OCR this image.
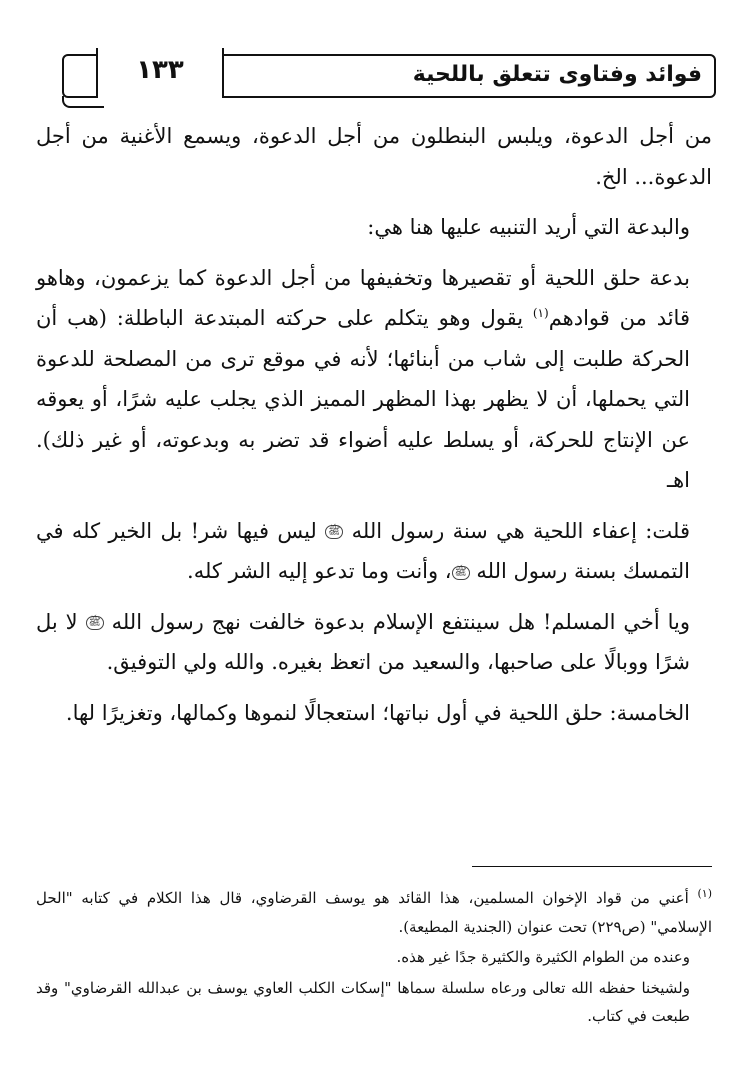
فوائد وفتاوى تتعلق باللحية
١٣٣

من أجل الدعوة، ويلبس البنطلون من أجل الدعوة، ويسمع الأغنية من أجل الدعوة... الخ.

والبدعة التي أريد التنبيه عليها هنا هي:

بدعة حلق اللحية أو تقصيرها وتخفيفها من أجل الدعوة كما يزعمون، وهاهو قائد من قوادهم$^{(١)}$ يقول وهو يتكلم على حركته المبتدعة الباطلة: (هب أن الحركة طلبت إلى شاب من أبنائها؛ لأنه في موقع ترى من المصلحة للدعوة التي يحملها، أن لا يظهر بهذا المظهر المميز الذي يجلب عليه شرًا، أو يعوقه عن الإنتاج للحركة، أو يسلط عليه أضواء قد تضر به وبدعوته، أو غير ذلك). اهـ

قلت: إعفاء اللحية هي سنة رسول الله ﷺ ليس فيها شر! بل الخير كله في التمسك بسنة رسول الله ﷺ، وأنت وما تدعو إليه الشر كله.

ويا أخي المسلم! هل سينتفع الإسلام بدعوة خالفت نهج رسول الله ﷺ لا بل شرًا ووبالًا على صاحبها، والسعيد من اتعظ بغيره. والله ولي التوفيق.

الخامسة: حلق اللحية في أول نباتها؛ استعجالًا لنموها وكمالها، وتغزيرًا لها.

$^{(١)}$ أعني من قواد الإخوان المسلمين، هذا القائد هو يوسف القرضاوي، قال هذا الكلام في كتابه "الحل الإسلامي" (ص٢٢٩) تحت عنوان (الجندية المطيعة).

وعنده من الطوام الكثيرة والكثيرة جدًا غير هذه.

ولشيخنا حفظه الله تعالى ورعاه سلسلة سماها "إسكات الكلب العاوي يوسف بن عبدالله القرضاوي" وقد طبعت في كتاب.
